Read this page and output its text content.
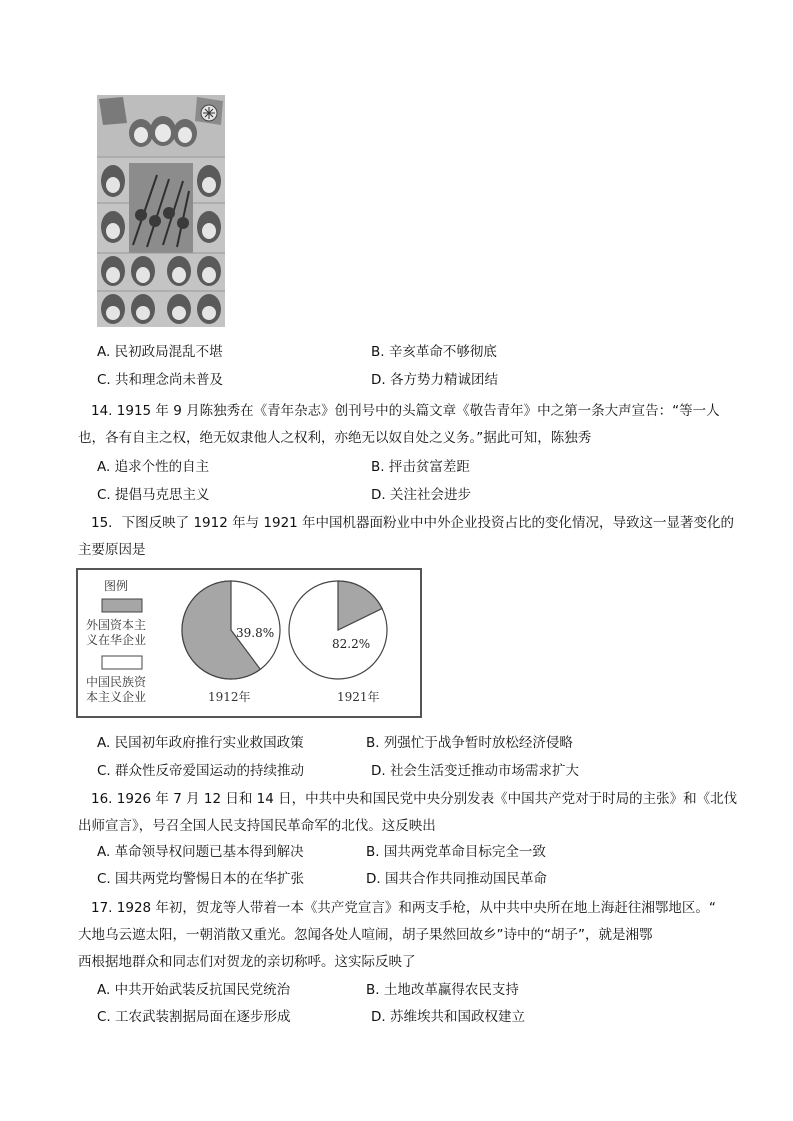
A. 民初政局混乱不堪	B. 辛亥革命不够彻底
C. 共和理念尚未普及	D. 各方势力精诚团结
14. 1915 年 9 月陈独秀在《青年杂志》创刊号中的头篇文章《敬告青年》中之第一条大声宣告：“等一人
也，各有自主之权，绝无奴隶他人之权利，亦绝无以奴自处之义务。”据此可知，陈独秀
A. 追求个性的自主	B. 抨击贫富差距
C. 提倡马克思主义	D. 关注社会进步
15．下图反映了 1912 年与 1921 年中国机器面粉业中中外企业投资占比的变化情况，导致这一显著变化的
主要原因是
图例
外国资本主
义在华企业
中国民族资
本主义企业
39.8%
1912年
82.2%
1921年
A. 民国初年政府推行实业救国政策	B. 列强忙于战争暂时放松经济侵略
C. 群众性反帝爱国运动的持续推动	D. 社会生活变迁推动市场需求扩大
16. 1926 年 7 月 12 日和 14 日，中共中央和国民党中央分别发表《中国共产党对于时局的主张》和《北伐
出师宣言》，号召全国人民支持国民革命军的北伐。这反映出
A. 革命领导权问题已基本得到解决	B. 国共两党革命目标完全一致
C. 国共两党均警惕日本的在华扩张	D. 国共合作共同推动国民革命
17. 1928 年初，贺龙等人带着一本《共产党宣言》和两支手枪，从中共中央所在地上海赶往湘鄂地区。“
大地乌云遮太阳，一朝消散又重光。忽闻各处人喧闹，胡子果然回故乡”诗中的“胡子”，就是湘鄂
西根据地群众和同志们对贺龙的亲切称呼。这实际反映了
A. 中共开始武装反抗国民党统治	B. 土地改革赢得农民支持
C. 工农武装割据局面在逐步形成	D. 苏维埃共和国政权建立
